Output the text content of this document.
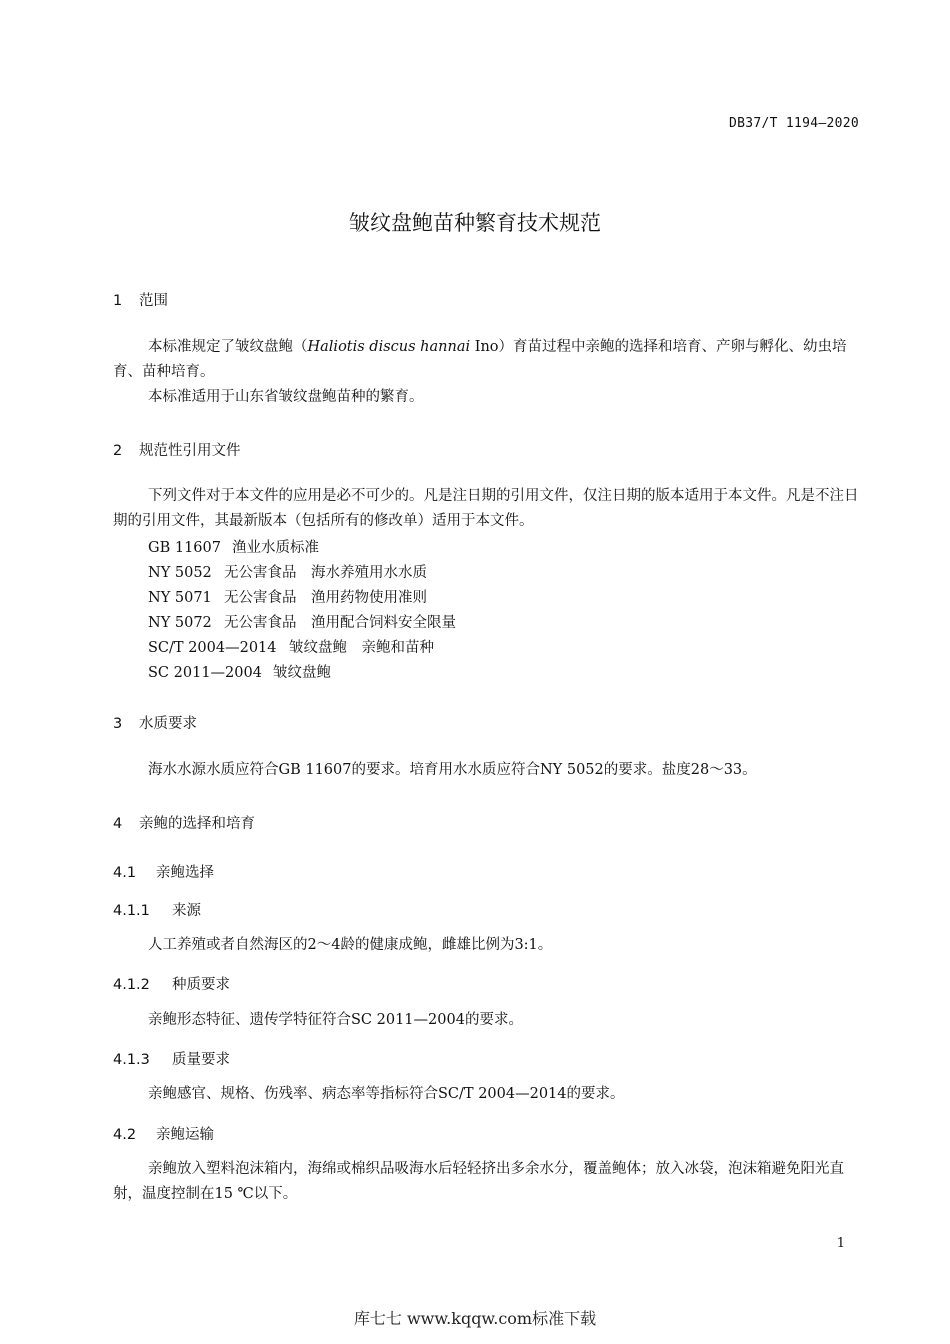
DB37/T 1194—2020
皱纹盘鲍苗种繁育技术规范
1 范围
本标准规定了皱纹盘鲍（Haliotis discus hannai Ino）育苗过程中亲鲍的选择和培育、产卵与孵化、幼虫培育、苗种培育。
本标准适用于山东省皱纹盘鲍苗种的繁育。
2 规范性引用文件
下列文件对于本文件的应用是必不可少的。凡是注日期的引用文件，仅注日期的版本适用于本文件。凡是不注日期的引用文件，其最新版本（包括所有的修改单）适用于本文件。
GB 11607 渔业水质标准
NY 5052 无公害食品　海水养殖用水水质
NY 5071 无公害食品　渔用药物使用准则
NY 5072 无公害食品　渔用配合饲料安全限量
SC/T 2004—2014 皱纹盘鲍　亲鲍和苗种
SC 2011—2004 皱纹盘鲍
3 水质要求
海水水源水质应符合GB 11607的要求。培育用水水质应符合NY 5052的要求。盐度28～33。
4 亲鲍的选择和培育
4.1 亲鲍选择
4.1.1 来源
人工养殖或者自然海区的2～4龄的健康成鲍，雌雄比例为3:1。
4.1.2 种质要求
亲鲍形态特征、遗传学特征符合SC 2011—2004的要求。
4.1.3 质量要求
亲鲍感官、规格、伤残率、病态率等指标符合SC/T 2004—2014的要求。
4.2 亲鲍运输
亲鲍放入塑料泡沫箱内，海绵或棉织品吸海水后轻轻挤出多余水分，覆盖鲍体；放入冰袋，泡沫箱避免阳光直射，温度控制在15 ℃以下。
1
库七七 www.kqqw.com标准下载
